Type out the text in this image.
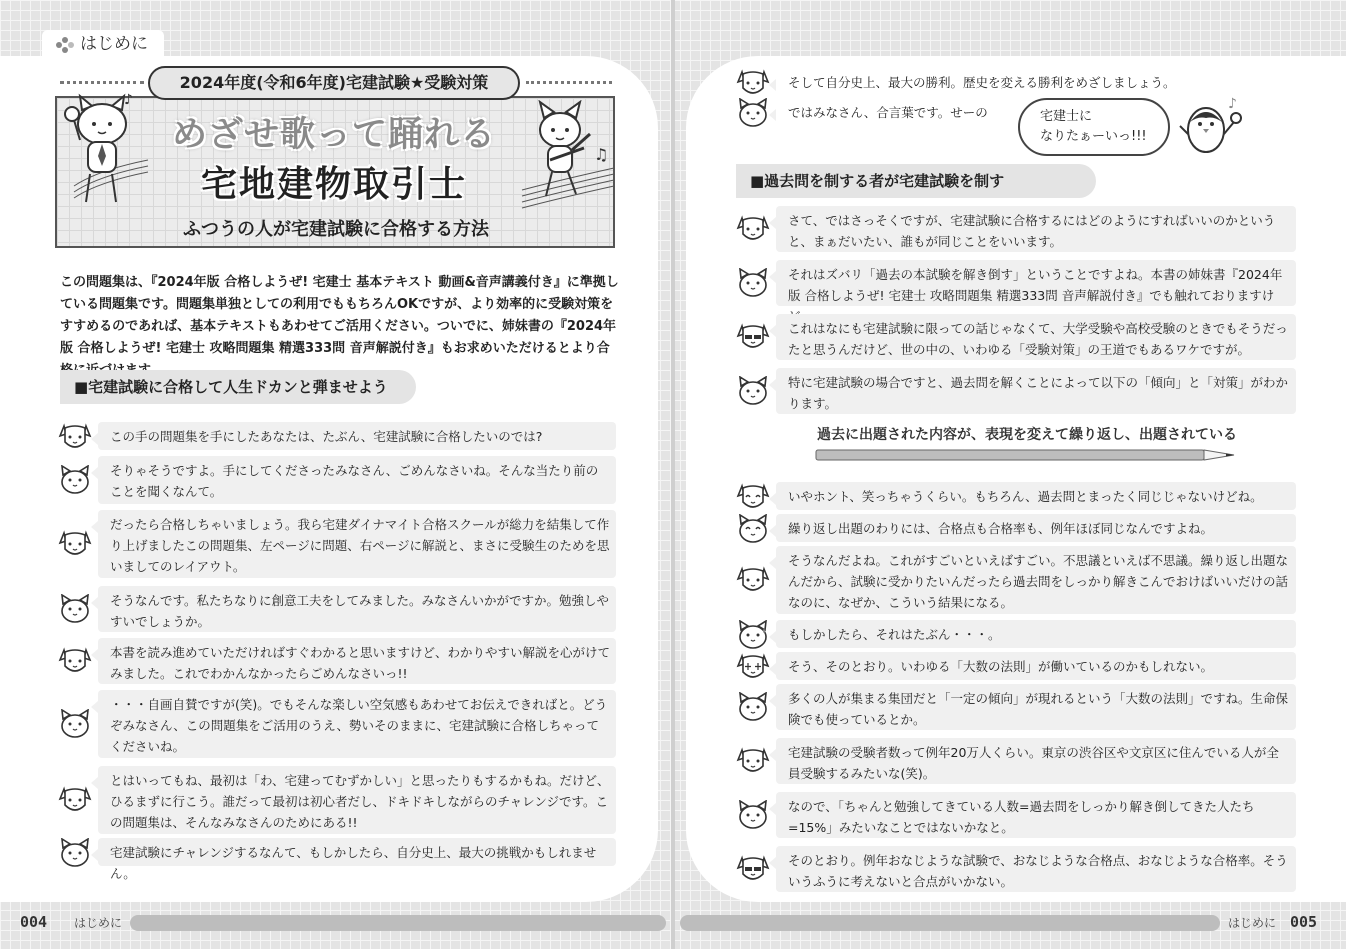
はじめに
2024年度(令和6年度)宅建試験★受験対策
めざせ歌って踊れる
宅地建物取引士
ふつうの人が宅建試験に合格する方法
♪
♫
この問題集は、『2024年版 合格しようぜ! 宅建士 基本テキスト 動画&音声講義付き』に準拠している問題集です。問題集単独としての利用でももちろんOKですが、より効率的に受験対策をすすめるのであれば、基本テキストもあわせてご活用ください。ついでに、姉妹書の『2024年版 合格しようぜ! 宅建士 攻略問題集 精選333問 音声解説付き』もお求めいただけるとより合
■宅建試験に合格して人生ドカンと弾ませよう
この手の問題集を手にしたあなたは、たぶん、宅建試験に合格したいのでは?
そりゃそうですよ。手にしてくださったみなさん、ごめんなさいね。そんな当たり前のことを聞くなんて。
だったら合格しちゃいましょう。我ら宅建ダイナマイト合格スクールが総力を結集して作り上げましたこの問題集、左ページに問題、右ページに解説と、まさに受験生のためを思いましてのレイアウト。
そうなんです。私たちなりに創意工夫をしてみました。みなさんいかがですか。勉強しやすいでしょうか。
本書を読み進めていただければすぐわかると思いますけど、わかりやすい解説を心がけてみました。これでわかんなかったらごめんなさいっ!!
・・・自画自賛ですが(笑)。でもそんな楽しい空気感もあわせてお伝えできればと。どうぞみなさん、この問題集をご活用のうえ、勢いそのままに、宅建試験に合格しちゃってくださいね。
とはいってもね、最初は「わ、宅建ってむずかしい」と思ったりもするかもね。だけど、ひるまずに行こう。誰だって最初は初心者だし、ドキドキしながらのチャレンジです。この問題集は、そんなみなさんのためにある!!
宅建試験にチャレンジするなんて、もしかしたら、自分史上、最大の挑戦かもしれません。
そして自分史上、最大の勝利。歴史を変える勝利をめざしましょう。
ではみなさん、合言葉です。せーの	宅建士に
なりたぁーいっ!!!
♪
■過去問を制する者が宅建試験を制す
さて、ではさっそくですが、宅建試験に合格するにはどのようにすればいいのかというと、まぁだいたい、誰もが同じことをいいます。
それはズバリ「過去の本試験を解き倒す」ということですよね。本書の姉妹書『2024年版 合格しようぜ! 宅建士 攻略問題集 精選333問 音声解説付き』でも触れておりますけ
これはなにも宅建試験に限っての話じゃなくて、大学受験や高校受験のときでもそうだったと思うんだけど、世の中の、いわゆる「受験対策」の王道でもあるワケですが。
特に宅建試験の場合ですと、過去問を解くことによって以下の「傾向」と「対策」がわかります。
過去に出題された内容が、表現を変えて繰り返し、出題されている
いやホント、笑っちゃうくらい。もちろん、過去問とまったく同じじゃないけどね。
繰り返し出題のわりには、合格点も合格率も、例年ほぼ同じなんですよね。
そうなんだよね。これがすごいといえばすごい。不思議といえば不思議。繰り返し出題なんだから、試験に受かりたいんだったら過去問をしっかり解きこんでおけばいいだけの話なのに、なぜか、こういう結果になる。
もしかしたら、それはたぶん・・・。
そう、そのとおり。いわゆる「大数の法則」が働いているのかもしれない。
多くの人が集まる集団だと「一定の傾向」が現れるという「大数の法則」ですね。生命保険でも使っているとか。
宅建試験の受験者数って例年20万人くらい。東京の渋谷区や文京区に住んでいる人が全員受験するみたいな(笑)。
なので、「ちゃんと勉強してきている人数=過去問をしっかり解き倒してきた人たち=15%」みたいなことではないかなと。
そのとおり。例年おなじような試験で、おなじような合格点、おなじような合格率。そういうふうに考えないと合点がいかない。
004 はじめに	はじめに 005
